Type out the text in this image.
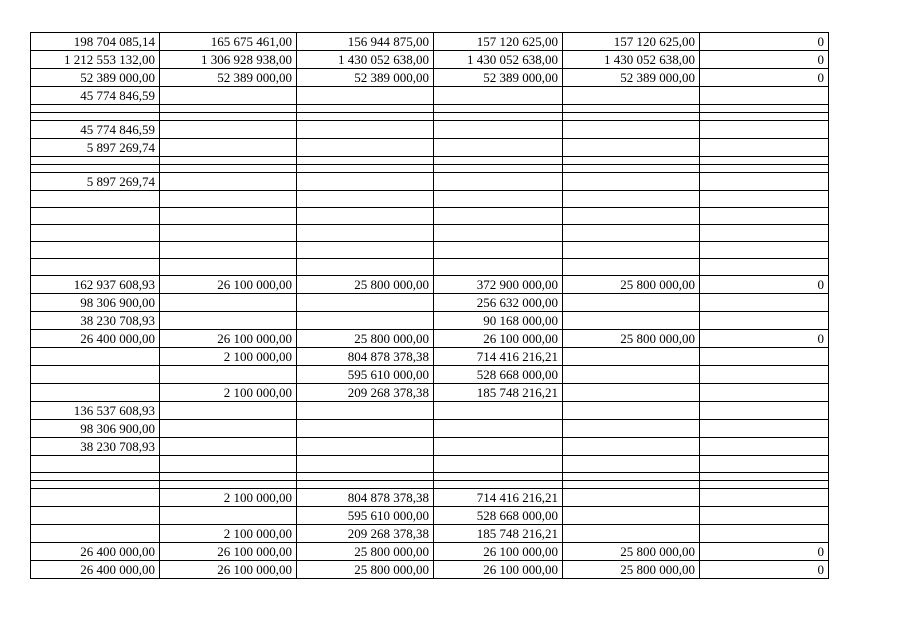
198 704 085,14	165 675 461,00	156 944 875,00	157 120 625,00	157 120 625,00	0
1 212 553 132,00	1 306 928 938,00	1 430 052 638,00	1 430 052 638,00	1 430 052 638,00	0
52 389 000,00	52 389 000,00	52 389 000,00	52 389 000,00	52 389 000,00	0
45 774 846,59					

45 774 846,59					
5 897 269,74					

5 897 269,74					

162 937 608,93	26 100 000,00	25 800 000,00	372 900 000,00	25 800 000,00	0
98 306 900,00			256 632 000,00		
38 230 708,93			90 168 000,00		
26 400 000,00	26 100 000,00	25 800 000,00	26 100 000,00	25 800 000,00	0
	2 100 000,00	804 878 378,38	714 416 216,21		
		595 610 000,00	528 668 000,00		
	2 100 000,00	209 268 378,38	185 748 216,21		
136 537 608,93					
98 306 900,00					
38 230 708,93					

	2 100 000,00	804 878 378,38	714 416 216,21		
		595 610 000,00	528 668 000,00		
	2 100 000,00	209 268 378,38	185 748 216,21		
26 400 000,00	26 100 000,00	25 800 000,00	26 100 000,00	25 800 000,00	0
26 400 000,00	26 100 000,00	25 800 000,00	26 100 000,00	25 800 000,00	0
